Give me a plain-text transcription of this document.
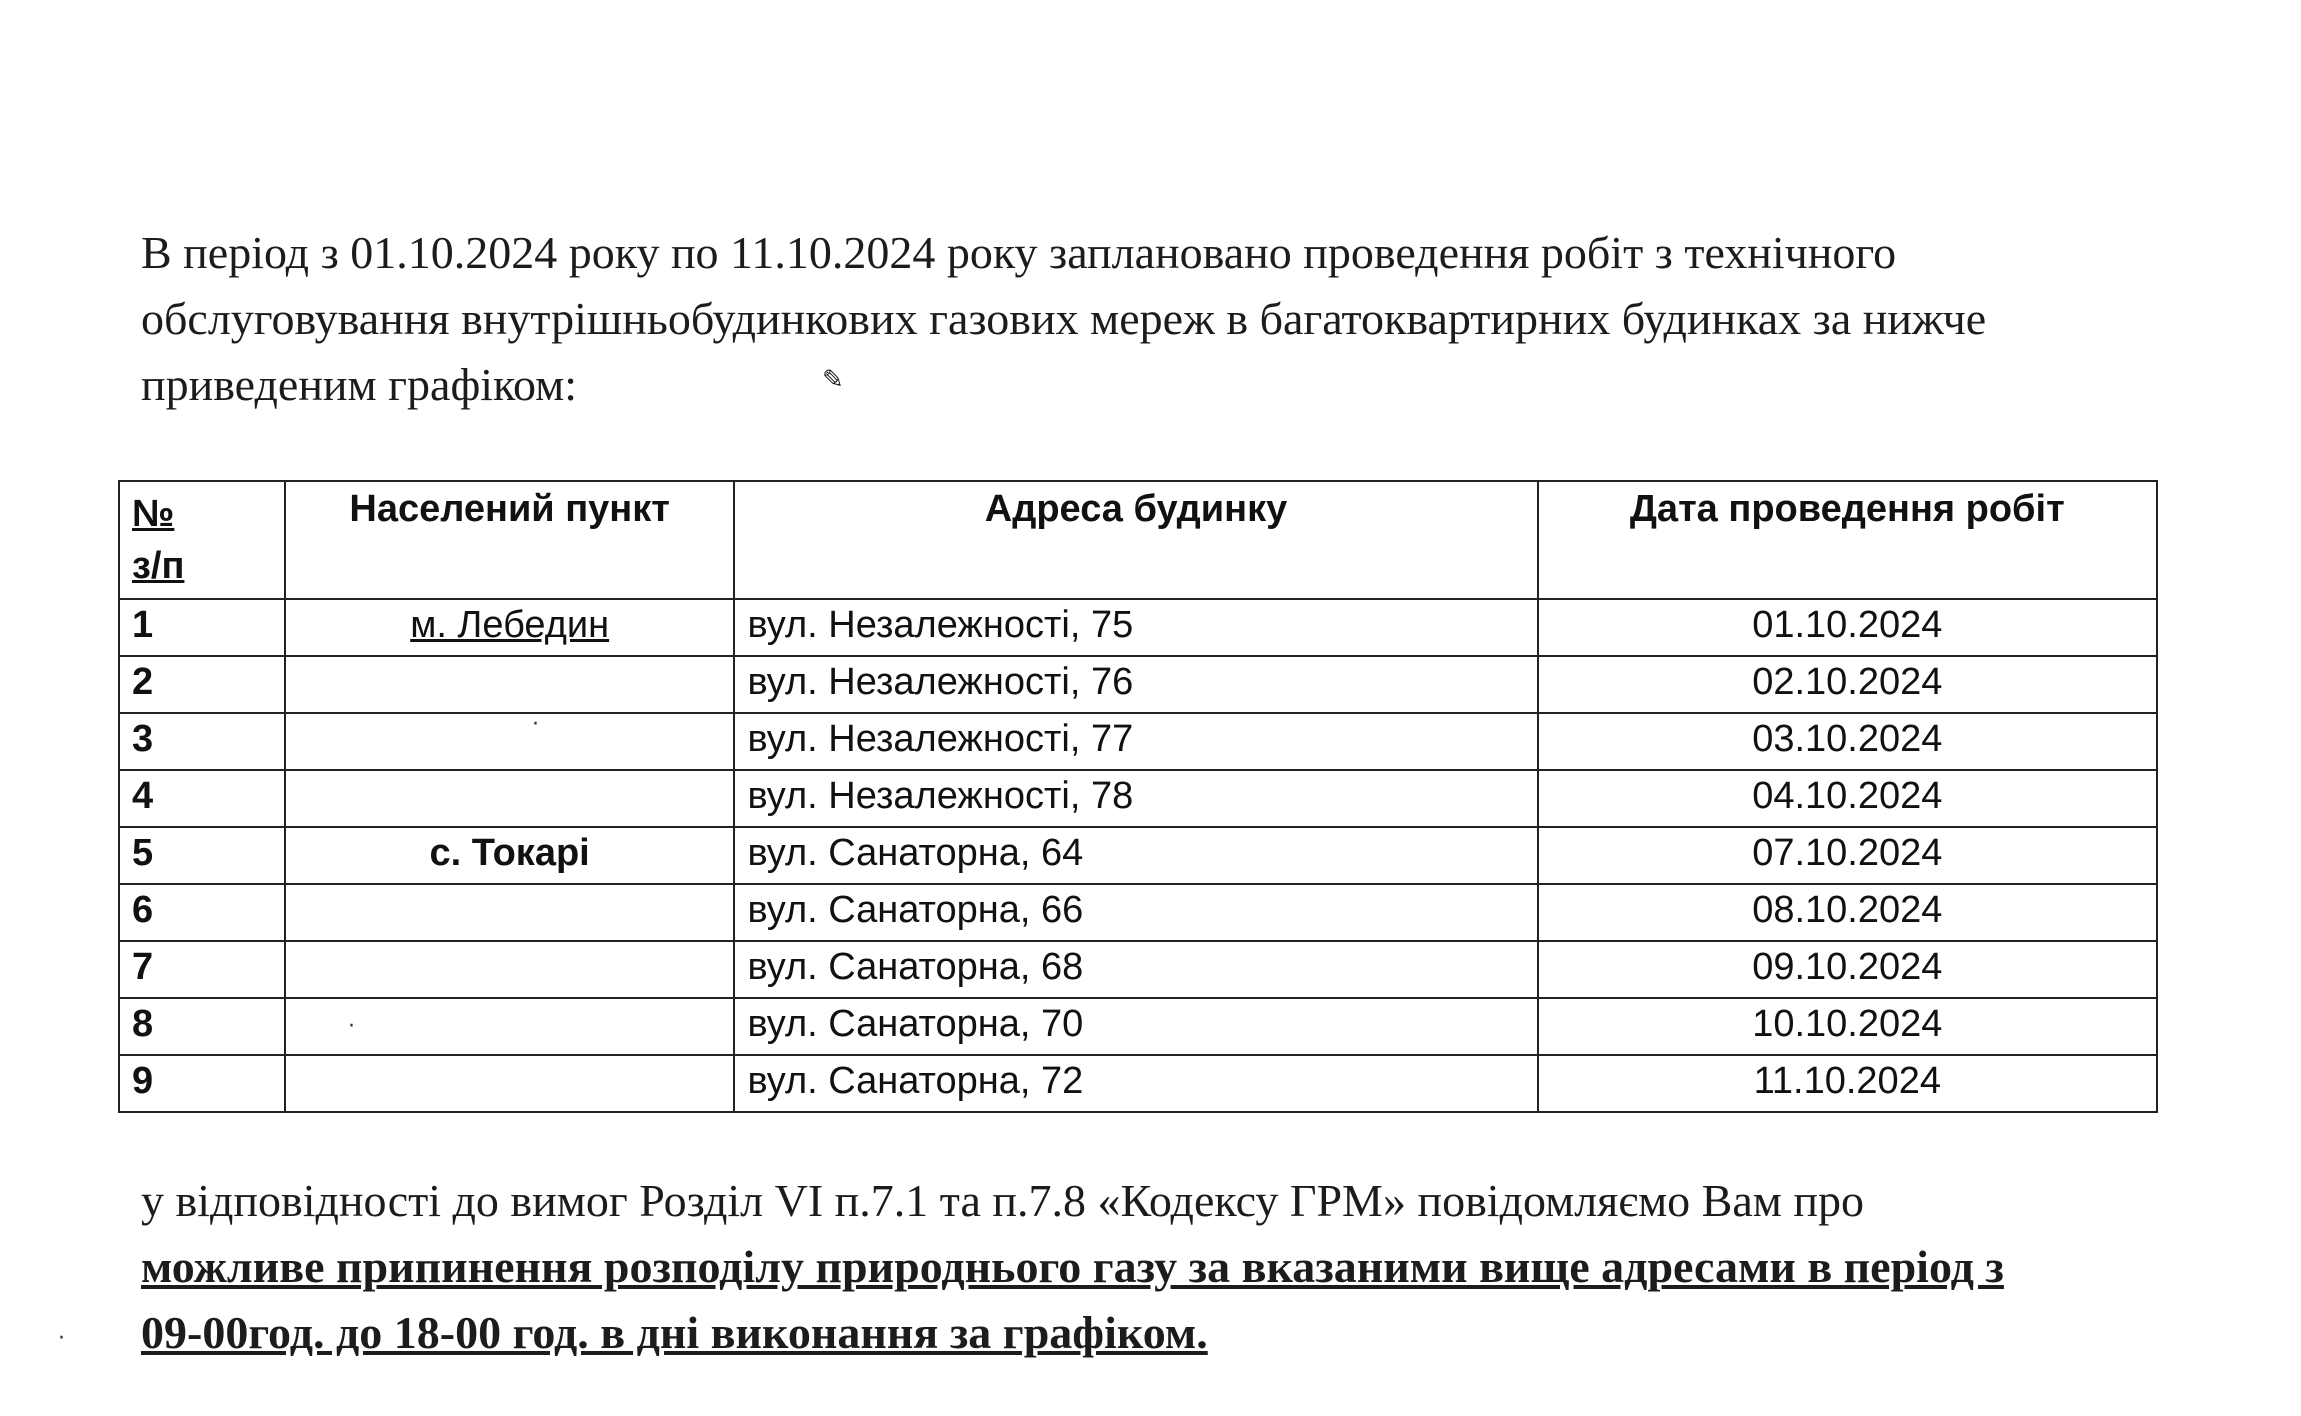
В період з 01.10.2024 року по 11.10.2024 року заплановано проведення робіт з технічного
обслуговування внутрішньобудинкових газових мереж в багатоквартирних будинках за нижче
приведеним графіком:	✎
№
з/п	Населений пункт	Адреса будинку	Дата проведення робіт
1	м. Лебедин	вул. Незалежності, 75	01.10.2024
2		вул. Незалежності, 76	02.10.2024
3		вул. Незалежності, 77	03.10.2024
4		вул. Незалежності, 78	04.10.2024
5	с. Токарі	вул. Санаторна, 64	07.10.2024
6		вул. Санаторна, 66	08.10.2024
7		вул. Санаторна, 68	09.10.2024
8		вул. Санаторна, 70	10.10.2024
9		вул. Санаторна, 72	11.10.2024
·
·
·

у відповідності до вимог Розділ VI п.7.1 та п.7.8 «Кодексу ГРМ» повідомляємо Вам про
можливе припинення розподілу природнього газу за вказаними вище адресами в період з
09-00год. до 18-00 год. в дні виконання за графіком.
